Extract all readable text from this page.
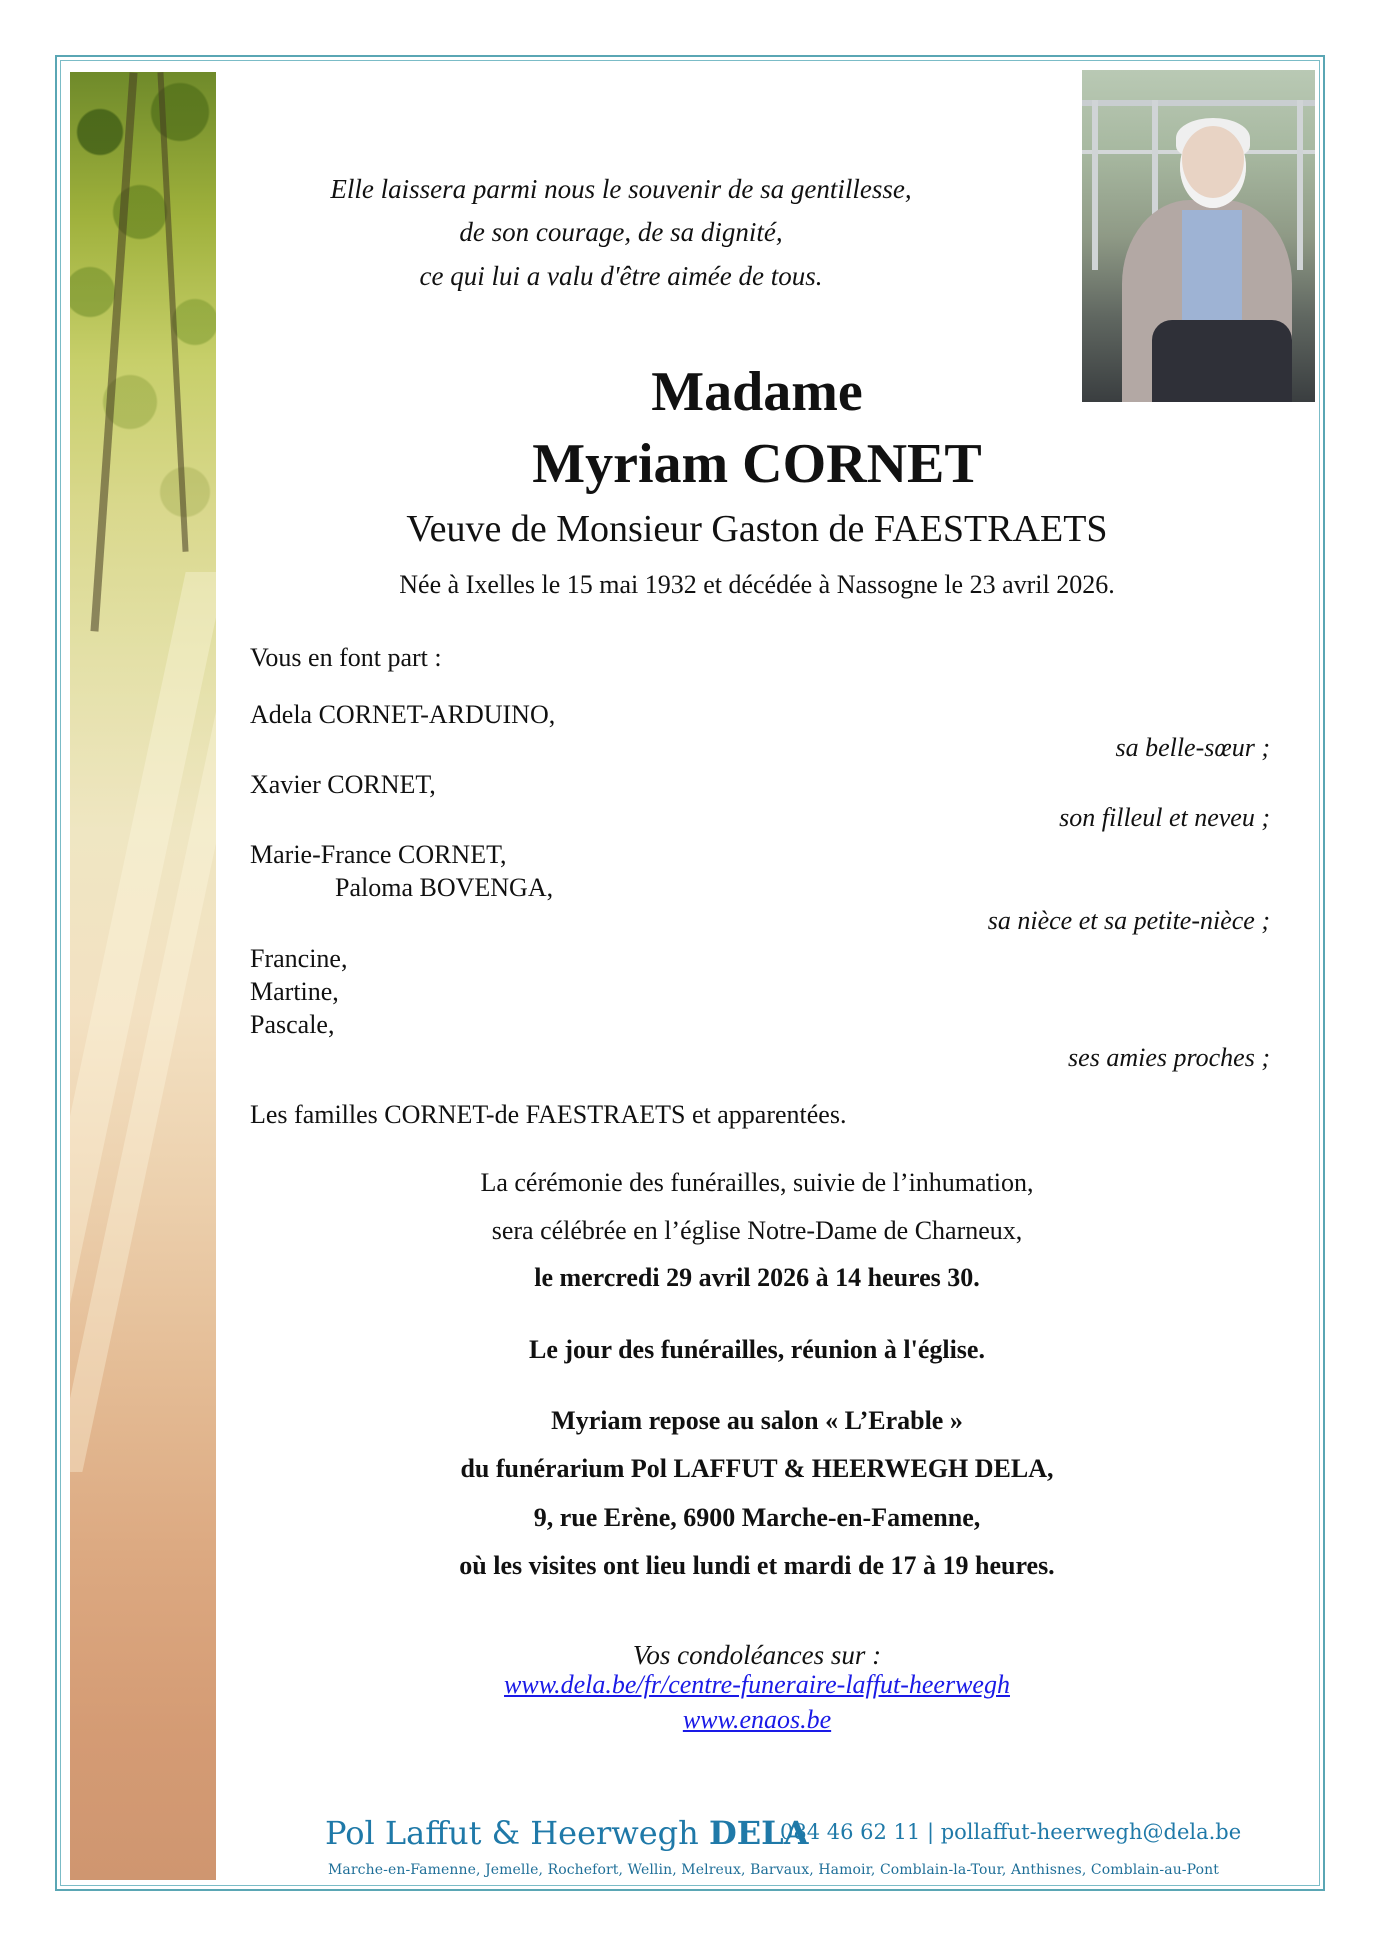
Elle laissera parmi nous le souvenir de sa gentillesse,
de son courage, de sa dignité,
ce qui lui a valu d'être aimée de tous.
Madame
Myriam CORNET
Veuve de Monsieur Gaston de FAESTRAETS
Née à Ixelles le 15 mai 1932 et décédée à Nassogne le 23 avril 2026.
Vous en font part :
Adela CORNET-ARDUINO,
sa belle-sœur ;
Xavier CORNET,
son filleul et neveu ;
Marie-France CORNET,
Paloma BOVENGA,
sa nièce et sa petite-nièce ;
Francine,
Martine,
Pascale,
ses amies proches ;
Les familles CORNET-de FAESTRAETS et apparentées.
La cérémonie des funérailles, suivie de l’inhumation,
sera célébrée en l’église Notre-Dame de Charneux,
le mercredi 29 avril 2026 à 14 heures 30.
Le jour des funérailles, réunion à l'église.
Myriam repose au salon « L’Erable »
du funérarium Pol LAFFUT & HEERWEGH DELA,
9, rue Erène, 6900 Marche-en-Famenne,
où les visites ont lieu lundi et mardi de 17 à 19 heures.
Vos condoléances sur :
www.dela.be/fr/centre-funeraire-laffut-heerwegh
www.enaos.be
Pol Laffut & Heerwegh DELA
084 46 62 11 | pollaffut-heerwegh@dela.be
Marche-en-Famenne, Jemelle, Rochefort, Wellin, Melreux, Barvaux, Hamoir, Comblain-la-Tour, Anthisnes, Comblain-au-Pont
